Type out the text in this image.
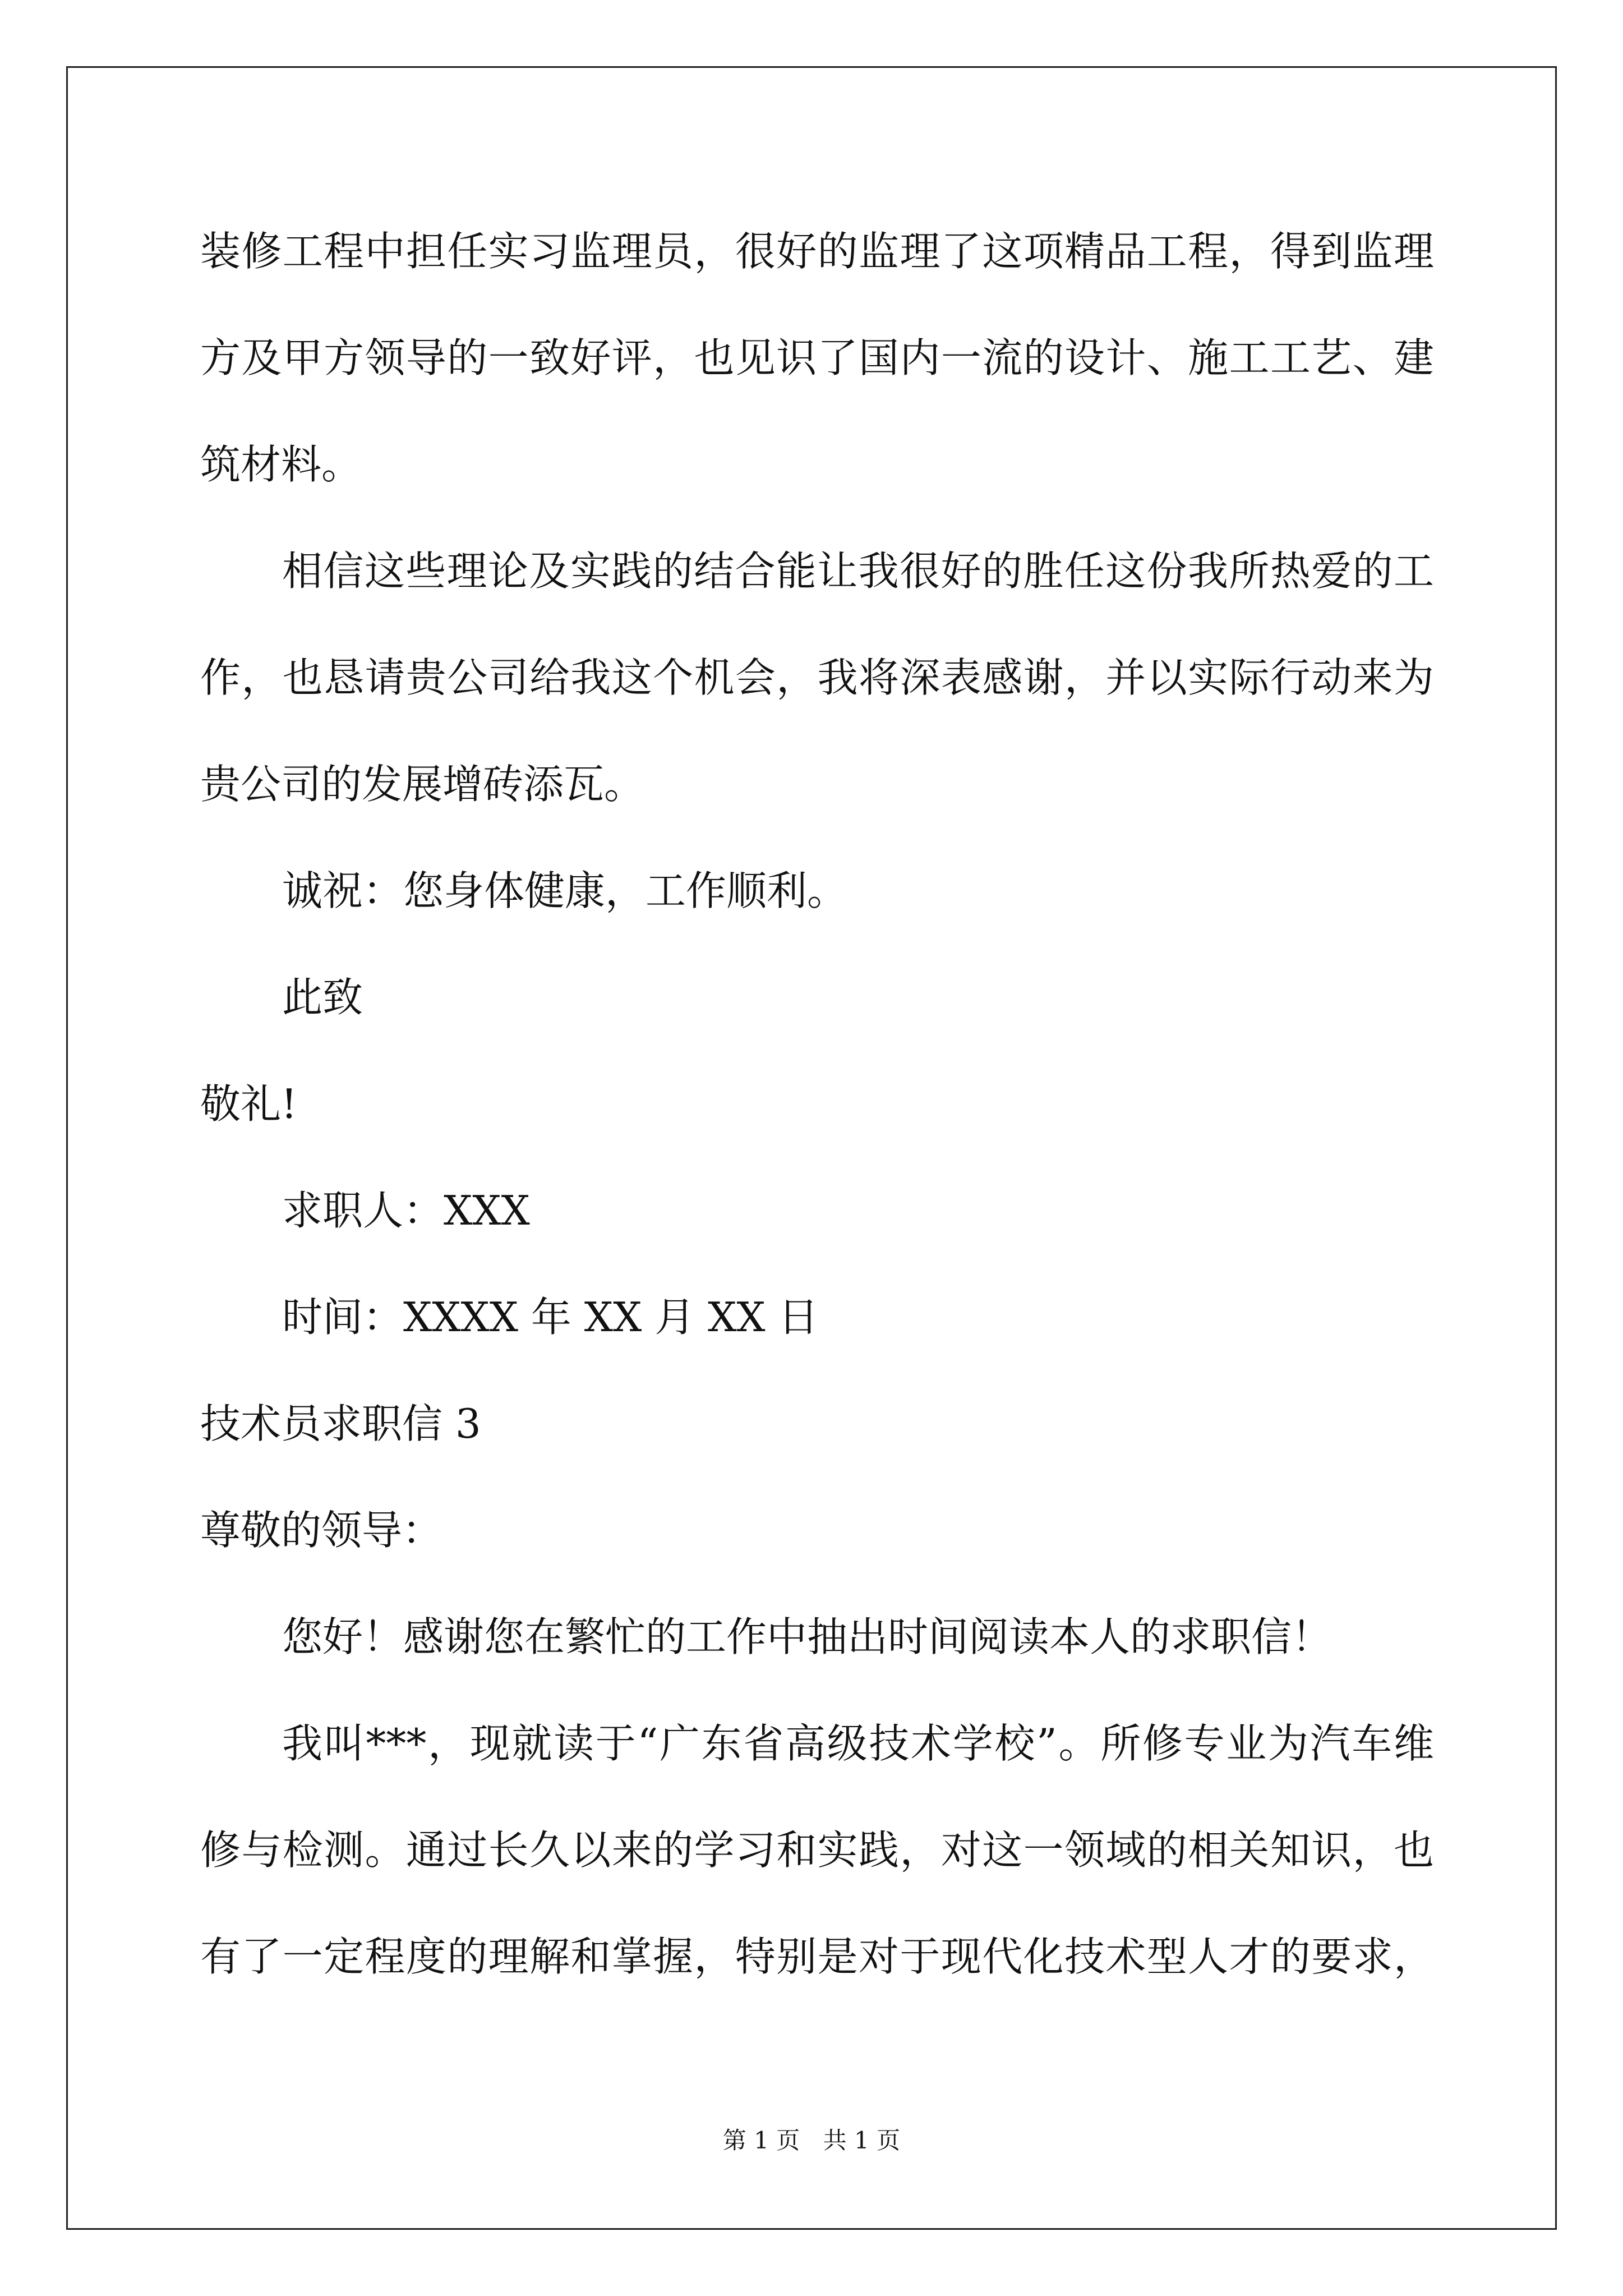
装修工程中担任实习监理员，很好的监理了这项精品工程，得到监理
方及甲方领导的一致好评，也见识了国内一流的设计、施工工艺、建
筑材料。
相信这些理论及实践的结合能让我很好的胜任这份我所热爱的工
作，也恳请贵公司给我这个机会，我将深表感谢，并以实际行动来为
贵公司的发展增砖添瓦。
诚祝：您身体健康，工作顺利。
此致
敬礼!
求职人：XXX
时间：XXXX 年 XX 月 XX 日
技术员求职信 3
尊敬的领导：
您好！感谢您在繁忙的工作中抽出时间阅读本人的求职信！
我叫***，现就读于“广东省高级技术学校”。所修专业为汽车维
修与检测。通过长久以来的学习和实践，对这一领域的相关知识，也
有了一定程度的理解和掌握，特别是对于现代化技术型人才的要求，
第 1 页 共 1 页
